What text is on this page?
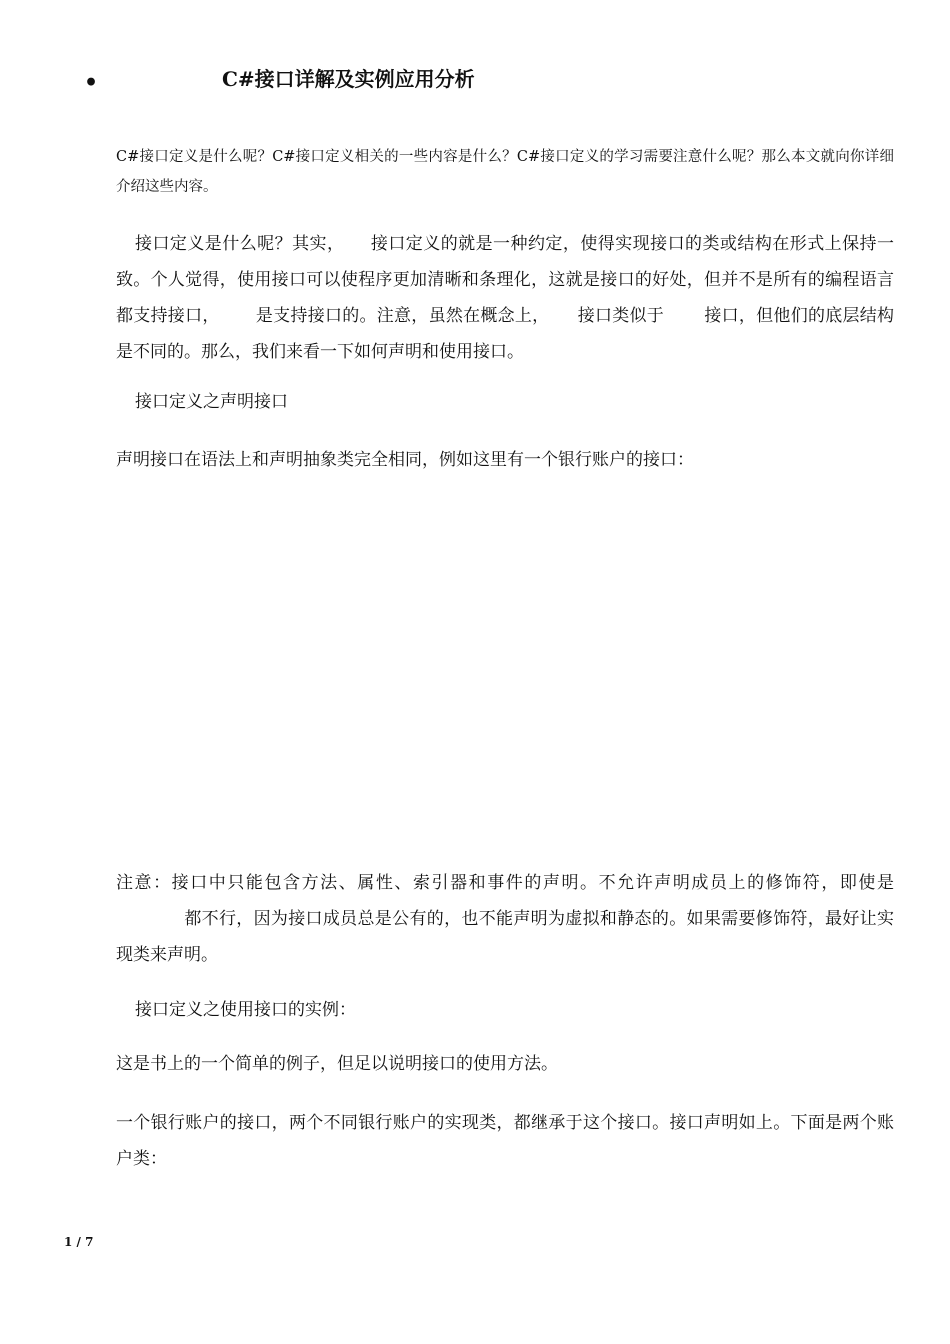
•	C#接口详解及实例应用分析

C#接口定义是什么呢？C#接口定义相关的一些内容是什么？C#接口定义的学习需要注意什么呢？那么本文就向你详细介绍这些内容。

接口定义是什么呢？其实， 接口定义的就是一种约定，使得实现接口的类或结构在形式上保持一致。个人觉得，使用接口可以使程序更加清晰和条理化，这就是接口的好处，但并不是所有的编程语言都支持接口， 是支持接口的。注意，虽然在概念上， 接口类似于 接口，但他们的底层结构是不同的。那么，我们来看一下如何声明和使用接口。

接口定义之声明接口

声明接口在语法上和声明抽象类完全相同，例如这里有一个银行账户的接口：

注意：接口中只能包含方法、属性、索引器和事件的声明。不允许声明成员上的修饰符，即使是都不行，因为接口成员总是公有的，也不能声明为虚拟和静态的。如果需要修饰符，最好让实现类来声明。

接口定义之使用接口的实例：

这是书上的一个简单的例子，但足以说明接口的使用方法。

一个银行账户的接口，两个不同银行账户的实现类，都继承于这个接口。接口声明如上。下面是两个账户类：

1 / 7
